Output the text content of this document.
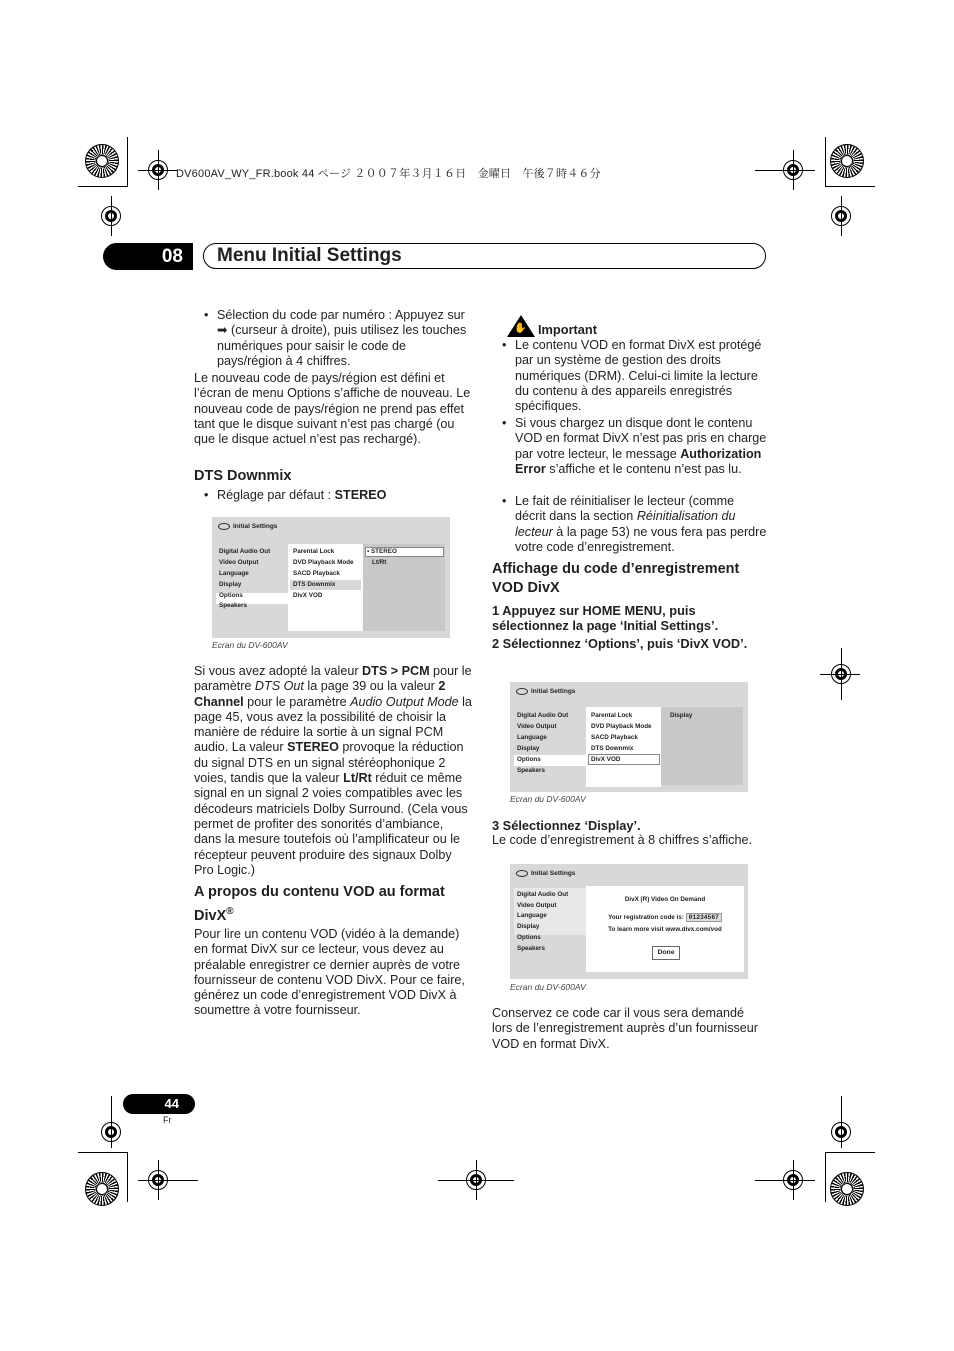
DV600AV_WY_FR.book 44 ページ ２００７年３月１６日　金曜日　午後７時４６分
08	Menu Initial Settings
• Sélection du code par numéro : Appuyez sur ➡ (curseur à droite), puis utilisez les touches numériques pour saisir le code de pays/région à 4 chiffres.
Le nouveau code de pays/région est défini et l’écran de menu Options s’affiche de nouveau. Le nouveau code de pays/région ne prend pas effet tant que le disque suivant n’est pas chargé (ou que le disque actuel n’est pas rechargé).
DTS Downmix
• Réglage par défaut : STEREO
Initial Settings
Digital Audio Out
Video Output
Language
Display
Options
Speakers
Parental Lock
DVD Playback Mode
SACD Playback
DTS Downmix
DivX VOD
▪ STEREO
Lt/Rt
Ecran du DV-600AV
Si vous avez adopté la valeur DTS > PCM pour le paramètre DTS Out la page 39 ou la valeur 2 Channel pour le paramètre Audio Output Mode la page 45, vous avez la possibilité de choisir la manière de réduire la sortie à un signal PCM audio. La valeur STEREO provoque la réduction du signal DTS en un signal stéréophonique 2 voies, tandis que la valeur Lt/Rt réduit ce même signal en un signal 2 voies compatibles avec les décodeurs matriciels Dolby Surround. (Cela vous permet de profiter des sonorités d’ambiance, dans la mesure toutefois où l’amplificateur ou le récepteur peuvent produire des signaux Dolby Pro Logic.)
A propos du contenu VOD au format
DivX®
Pour lire un contenu VOD (vidéo à la demande) en format DivX sur ce lecteur, vous devez au préalable enregistrer ce dernier auprès de votre fournisseur de contenu VOD DivX. Pour ce faire, générez un code d’enregistrement VOD DivX à soumettre à votre fournisseur.
✋ Important
• Le contenu VOD en format DivX est protégé par un système de gestion des droits numériques (DRM). Celui-ci limite la lecture du contenu à des appareils enregistrés spécifiques.
• Si vous chargez un disque dont le contenu VOD en format DivX n’est pas pris en charge par votre lecteur, le message Authorization Error s’affiche et le contenu n’est pas lu.
• Le fait de réinitialiser le lecteur (comme décrit dans la section Réinitialisation du lecteur à la page 53) ne vous fera pas perdre votre code d’enregistrement.
Affichage du code d’enregistrement
VOD DivX
1 Appuyez sur HOME MENU, puis sélectionnez la page ‘Initial Settings’.
2 Sélectionnez ‘Options’, puis ‘DivX VOD’.
Initial Settings
Digital Audio Out
Video Output
Language
Display
Options
Speakers
Parental Lock
DVD Playback Mode
SACD Playback
DTS Downmix
DivX VOD
Display
Ecran du DV-600AV
3 Sélectionnez ‘Display’.
Le code d’enregistrement à 8 chiffres s’affiche.
Initial Settings
Digital Audio Out
Video Output
Language
Display
Options
Speakers
DivX (R) Video On Demand
Your registration code is: 01234567
To learn more visit www.divx.com/vod
Done
Ecran du DV-600AV
Conservez ce code car il vous sera demandé lors de l’enregistrement auprès d’un fournisseur VOD en format DivX.
44
Fr
